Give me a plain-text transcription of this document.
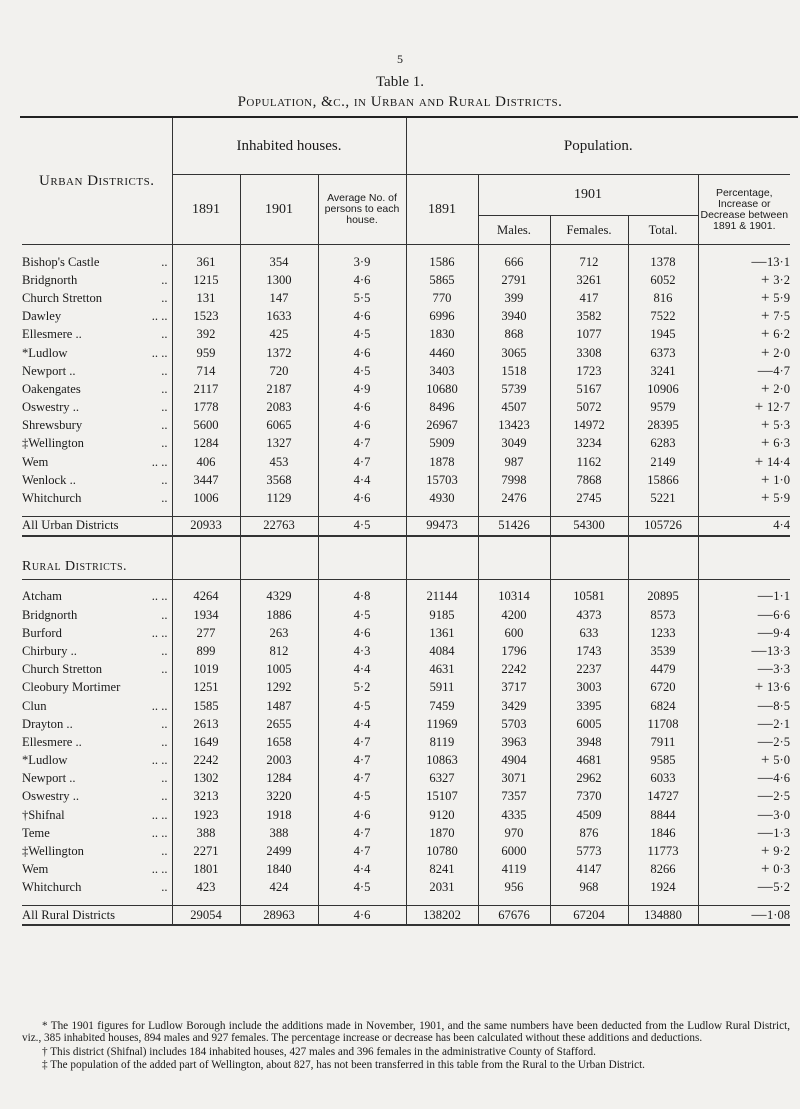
5
Table 1.
Population, &c., in Urban and Rural Districts.
Urban Districts.	Inhabited houses.			Population.				
	1891	1901	Average No. of persons to each house.	1891	1901			Percentage, Increase or Decrease between 1891 & 1901.
					Males.	Females.	Total.	

Bishop's Castle ..	361	354	3·9	1586	666	712	1378	—13·1
Bridgnorth ..	1215	1300	4·6	5865	2791	3261	6052	+ 3·2
Church Stretton ..	131	147	5·5	770	399	417	816	+ 5·9
Dawley .. ..	1523	1633	4·6	6996	3940	3582	7522	+ 7·5
Ellesmere .. ..	392	425	4·5	1830	868	1077	1945	+ 6·2
*Ludlow .. ..	959	1372	4·6	4460	3065	3308	6373	+ 2·0
Newport .. ..	714	720	4·5	3403	1518	1723	3241	—4·7
Oakengates ..	2117	2187	4·9	10680	5739	5167	10906	+ 2·0
Oswestry .. ..	1778	2083	4·6	8496	4507	5072	9579	+ 12·7
Shrewsbury ..	5600	6065	4·6	26967	13423	14972	28395	+ 5·3
‡Wellington ..	1284	1327	4·7	5909	3049	3234	6283	+ 6·3
Wem .. ..	406	453	4·7	1878	987	1162	2149	+ 14·4
Wenlock .. ..	3447	3568	4·4	15703	7998	7868	15866	+ 1·0
Whitchurch ..	1006	1129	4·6	4930	2476	2745	5221	+ 5·9

All Urban Districts	20933	22763	4·5	99473	51426	54300	105726	4·4
Rural Districts.								

Atcham .. ..	4264	4329	4·8	21144	10314	10581	20895	—1·1
Bridgnorth ..	1934	1886	4·5	9185	4200	4373	8573	—6·6
Burford .. ..	277	263	4·6	1361	600	633	1233	—9·4
Chirbury .. ..	899	812	4·3	4084	1796	1743	3539	—13·3
Church Stretton ..	1019	1005	4·4	4631	2242	2237	4479	—3·3
Cleobury Mortimer	1251	1292	5·2	5911	3717	3003	6720	+ 13·6
Clun .. ..	1585	1487	4·5	7459	3429	3395	6824	—8·5
Drayton .. ..	2613	2655	4·4	11969	5703	6005	11708	—2·1
Ellesmere .. ..	1649	1658	4·7	8119	3963	3948	7911	—2·5
*Ludlow .. ..	2242	2003	4·7	10863	4904	4681	9585	+ 5·0
Newport .. ..	1302	1284	4·7	6327	3071	2962	6033	—4·6
Oswestry .. ..	3213	3220	4·5	15107	7357	7370	14727	—2·5
†Shifnal .. ..	1923	1918	4·6	9120	4335	4509	8844	—3·0
Teme .. ..	388	388	4·7	1870	970	876	1846	—1·3
‡Wellington ..	2271	2499	4·7	10780	6000	5773	11773	+ 9·2
Wem .. ..	1801	1840	4·4	8241	4119	4147	8266	+ 0·3
Whitchurch ..	423	424	4·5	2031	956	968	1924	—5·2

All Rural Districts	29054	28963	4·6	138202	67676	67204	134880	—1·08

* The 1901 figures for Ludlow Borough include the additions made in November, 1901, and the same numbers have been deducted from the Ludlow Rural District, viz., 385 inhabited houses, 894 males and 927 females. The percentage increase or decrease has been calculated without these additions and deductions.

† This district (Shifnal) includes 184 inhabited houses, 427 males and 396 females in the administrative County of Stafford.

‡ The population of the added part of Wellington, about 827, has not been transferred in this table from the Rural to the Urban District.
